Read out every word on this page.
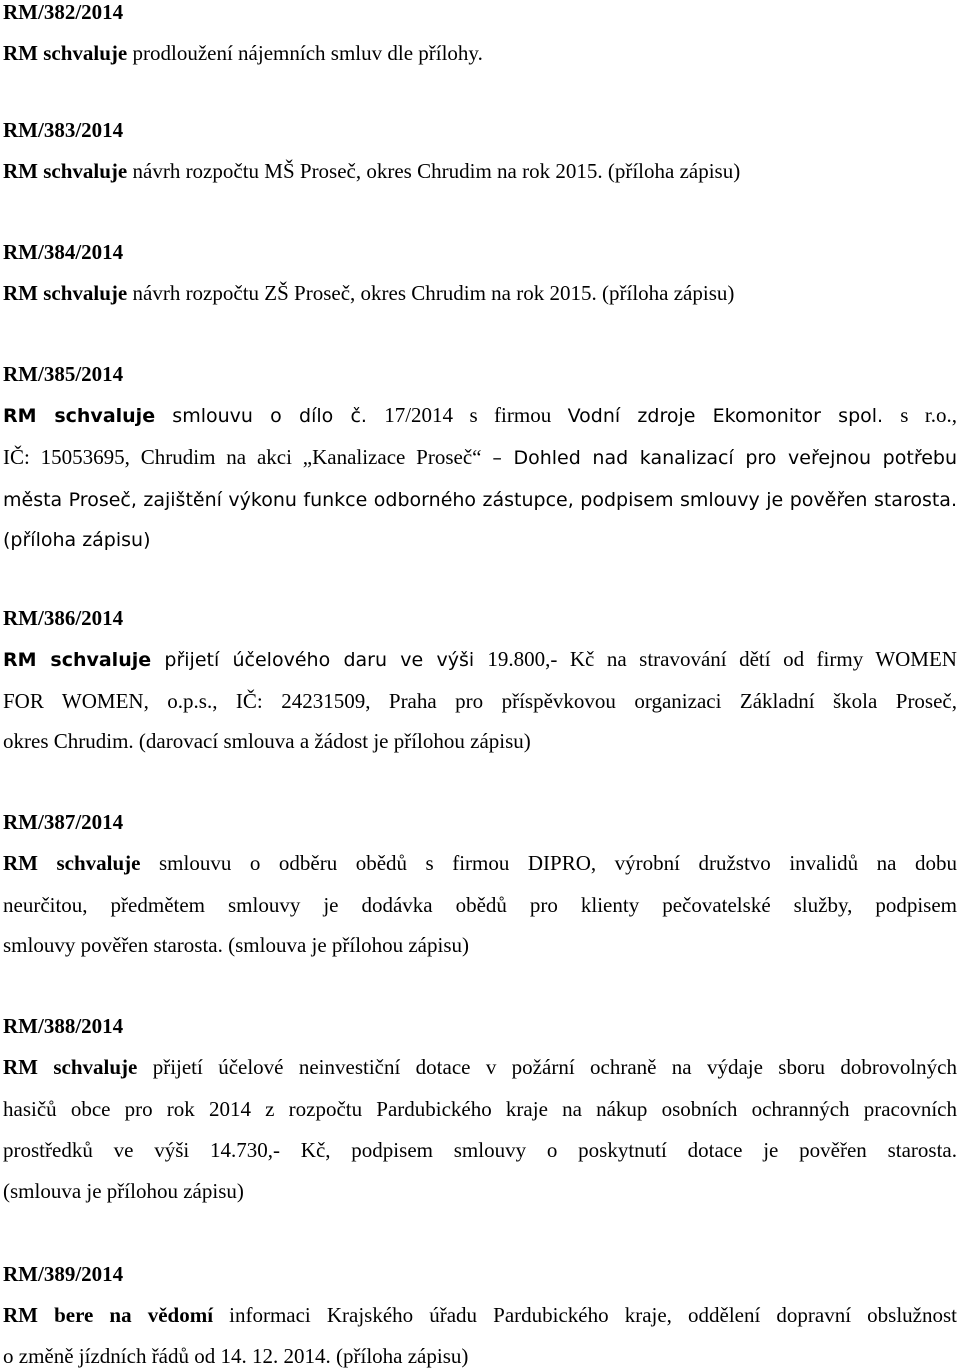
RM/382/2014
RM schvaluje prodloužení nájemních smluv dle přílohy.
RM/383/2014
RM schvaluje návrh rozpočtu MŠ Proseč, okres Chrudim na rok 2015. (příloha zápisu)
RM/384/2014
RM schvaluje návrh rozpočtu ZŠ Proseč, okres Chrudim na rok 2015. (příloha zápisu)
RM/385/2014
RM schvaluje smlouvu o dílo č. 17/2014 s firmou Vodní zdroje Ekomonitor spol. s r.o.,
IČ: 15053695, Chrudim na akci „Kanalizace Proseč“ – Dohled nad kanalizací pro veřejnou potřebu
města Proseč, zajištění výkonu funkce odborného zástupce, podpisem smlouvy je pověřen starosta.
(příloha zápisu)
RM/386/2014
RM schvaluje přijetí účelového daru ve výši 19.800,- Kč na stravování dětí od firmy WOMEN
FOR WOMEN, o.p.s., IČ: 24231509, Praha pro příspěvkovou organizaci Základní škola Proseč,
okres Chrudim. (darovací smlouva a žádost je přílohou zápisu)
RM/387/2014
RM schvaluje smlouvu o odběru obědů s firmou DIPRO, výrobní družstvo invalidů na dobu
neurčitou, předmětem smlouvy je dodávka obědů pro klienty pečovatelské služby, podpisem
smlouvy pověřen starosta. (smlouva je přílohou zápisu)
RM/388/2014
RM schvaluje přijetí účelové neinvestiční dotace v požární ochraně na výdaje sboru dobrovolných
hasičů obce pro rok 2014 z rozpočtu Pardubického kraje na nákup osobních ochranných pracovních
prostředků ve výši 14.730,- Kč, podpisem smlouvy o poskytnutí dotace je pověřen starosta.
(smlouva je přílohou zápisu)
RM/389/2014
RM bere na vědomí informaci Krajského úřadu Pardubického kraje, oddělení dopravní obslužnost
o změně jízdních řádů od 14. 12. 2014. (příloha zápisu)
